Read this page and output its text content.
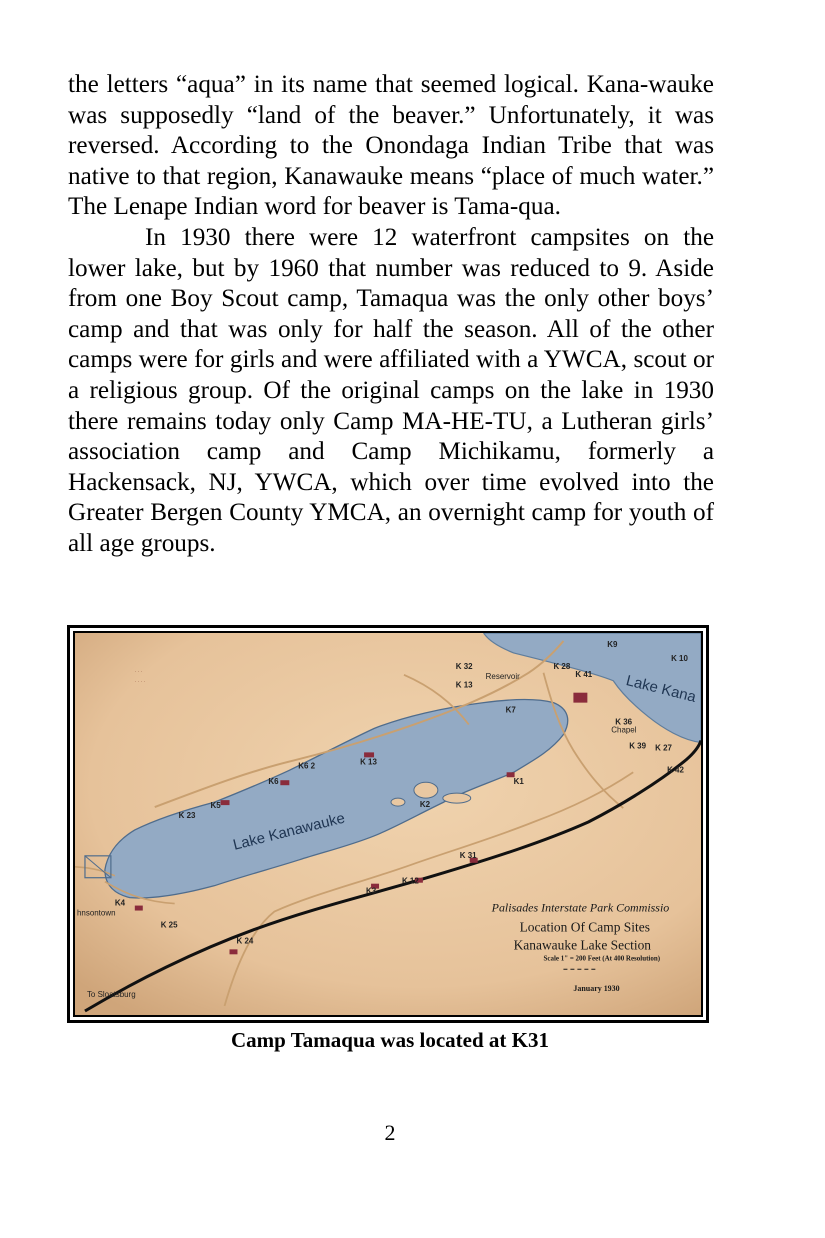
the letters “aqua” in its name that seemed logical. Kana-wauke was supposedly “land of the beaver.” Unfortunately, it was reversed. According to the Onondaga Indian Tribe that was native to that region, Kanawauke means “place of much water.” The Lenape Indian word for beaver is Tama-qua.

In 1930 there were 12 waterfront campsites on the lower lake, but by 1960 that number was reduced to 9. Aside from one Boy Scout camp, Tamaqua was the only other boys’ camp and that was only for half the season. All of the other camps were for girls and were affiliated with a YWCA, scout or a religious group. Of the original camps on the lake in 1930 there remains today only Camp MA-HE-TU, a Lutheran girls’ association camp and Camp Michikamu, formerly a Hackensack, NJ, YWCA, which over time evolved into the Greater Bergen County YMCA, an overnight camp for youth of all age groups.

· · ·
· · · ·
K 32
K 13
Reservoir
K 28
K 41
K9
K 10
K7
K 36
Chapel
K 39 K 27
K 42
K 13
K6 2
K6	K1
K2
K5
K 23
K 31
K 12
K3
K4
K 25
K 24
hnsontown
To Sloatsburg
Lake Kanawauke
Lake Kana
Palisades Interstate Park Commissio
Location Of Camp Sites
Kanawauke Lake Section
Scale 1" = 200 Feet (At 400 Resolution)
January 1930
Camp Tamaqua was located at K31
2
